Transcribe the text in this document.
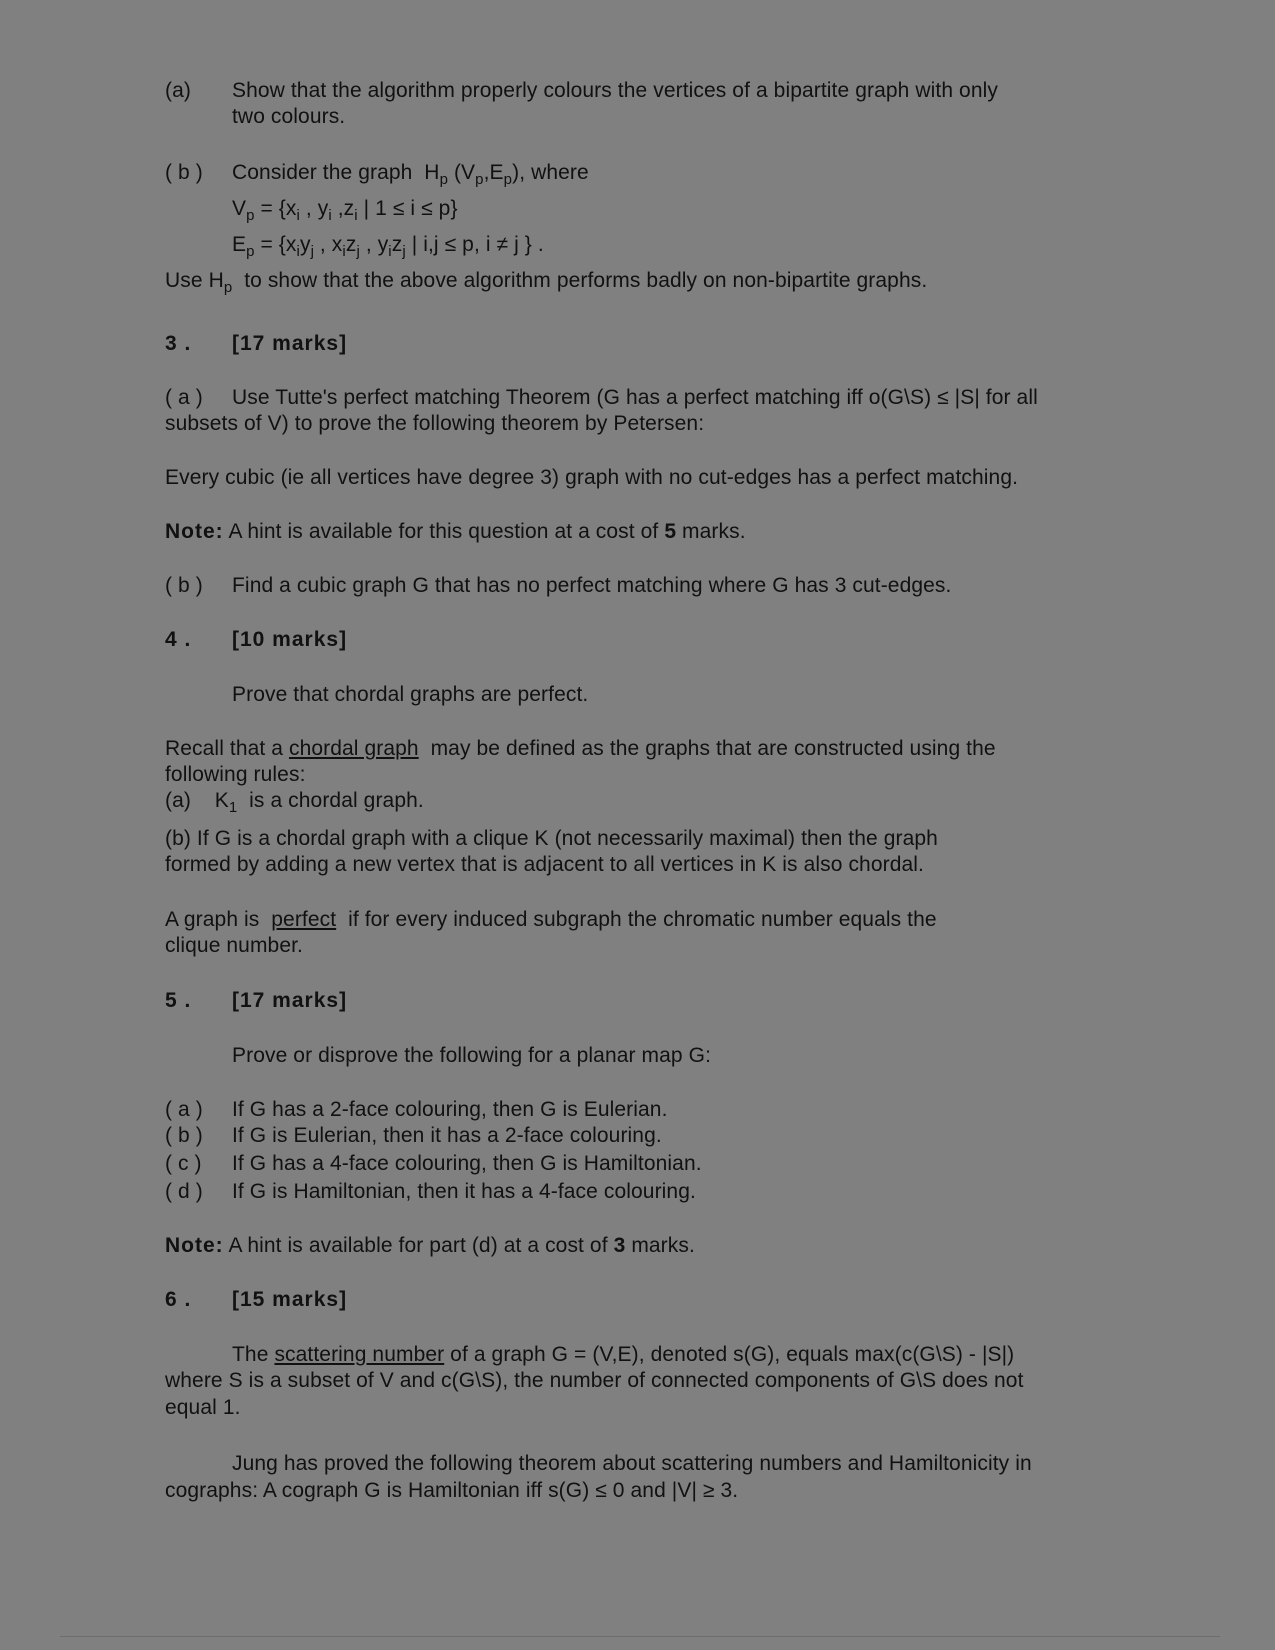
(a) Show that the algorithm properly colours the vertices of a bipartite graph with only
two colours.
( b ) Consider the graph $H_p$ $(V_p,E_p)$, where
$V_p = \{x_i$ , $y_i$ $,z_i$ | 1 ≤ i ≤ p}
$E_p = \{x_iy_j$ , $x_iz_j$ , $y_iz_j$ | i,j ≤ p, i ≠ j } .
Use $H_p$ to show that the above algorithm performs badly on non-bipartite graphs.
3 . [17 marks]
( a ) Use Tutte's perfect matching Theorem (G has a perfect matching iff o(G\S) ≤ |S| for all
subsets of V) to prove the following theorem by Petersen:
Every cubic (ie all vertices have degree 3) graph with no cut-edges has a perfect matching.
Note: A hint is available for this question at a cost of 5 marks.
( b ) Find a cubic graph G that has no perfect matching where G has 3 cut-edges.
4 . [10 marks]
Prove that chordal graphs are perfect.
Recall that a chordal graph may be defined as the graphs that are constructed using the
following rules:
(a) $K_1$ is a chordal graph.
(b) If G is a chordal graph with a clique K (not necessarily maximal) then the graph
formed by adding a new vertex that is adjacent to all vertices in K is also chordal.
A graph is perfect if for every induced subgraph the chromatic number equals the
clique number.
5 . [17 marks]
Prove or disprove the following for a planar map G:
( a ) If G has a 2-face colouring, then G is Eulerian.
( b ) If G is Eulerian, then it has a 2-face colouring.
( c ) If G has a 4-face colouring, then G is Hamiltonian.
( d ) If G is Hamiltonian, then it has a 4-face colouring.
Note: A hint is available for part (d) at a cost of 3 marks.
6 . [15 marks]
The scattering number of a graph G = (V,E), denoted s(G), equals max(c(G\S) - |S|)
where S is a subset of V and c(G\S), the number of connected components of G\S does not
equal 1.
Jung has proved the following theorem about scattering numbers and Hamiltonicity in
cographs: A cograph G is Hamiltonian iff s(G) ≤ 0 and |V| ≥ 3.
